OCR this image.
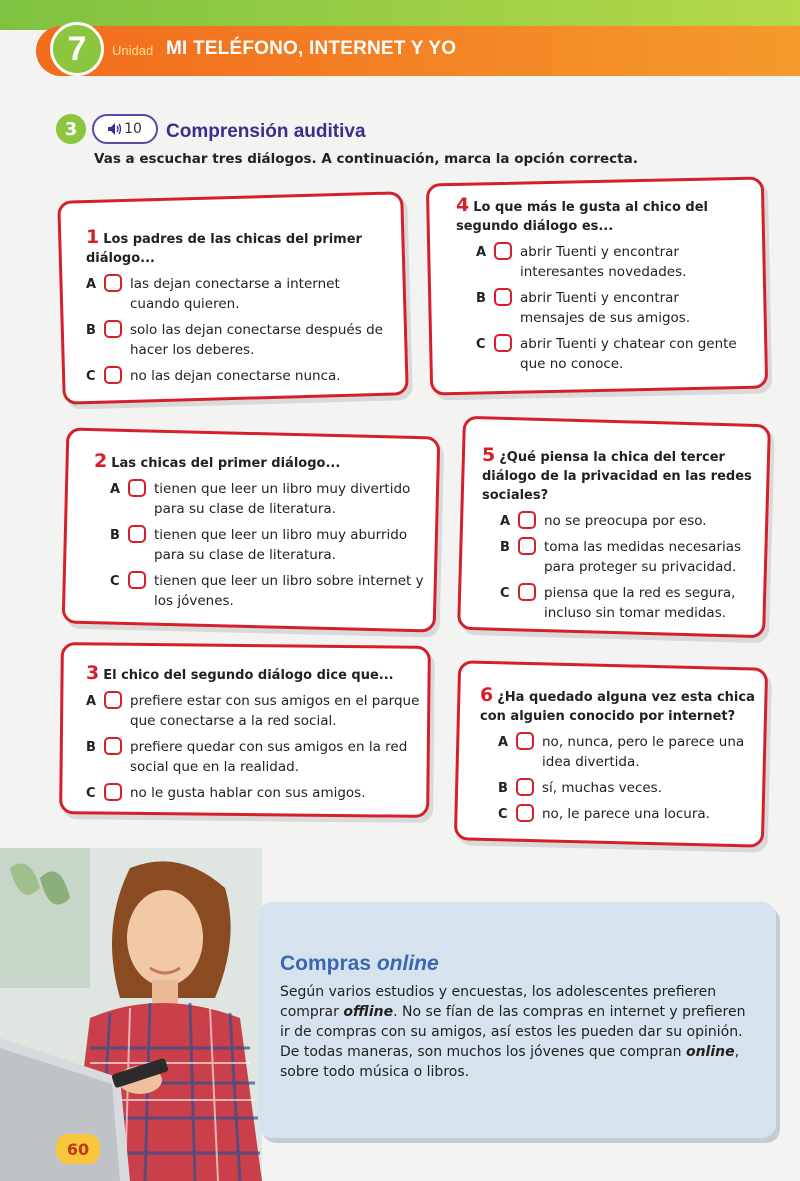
7	Unidad MI TELÉFONO, INTERNET Y YO
3	10 Comprensión auditiva
Vas a escuchar tres diálogos. A continuación, marca la opción correcta.
1 Los padres de las chicas del primer diálogo...
A	las dejan conectarse a internet cuando quieren.
B	solo las dejan conectarse después de hacer los deberes.
C	no las dejan conectarse nunca.
2 Las chicas del primer diálogo...
A	tienen que leer un libro muy divertido para su clase de literatura.
B	tienen que leer un libro muy aburrido para su clase de literatura.
C	tienen que leer un libro sobre internet y los jóvenes.
3 El chico del segundo diálogo dice que...
A	prefiere estar con sus amigos en el parque que conectarse a la red social.
B	prefiere quedar con sus amigos en la red social que en la realidad.
C	no le gusta hablar con sus amigos.
4 Lo que más le gusta al chico del segundo diálogo es...
A	abrir Tuenti y encontrar interesantes novedades.
B	abrir Tuenti y encontrar mensajes de sus amigos.
C	abrir Tuenti y chatear con gente que no conoce.
5 ¿Qué piensa la chica del tercer diálogo de la privacidad en las redes sociales?
A	no se preocupa por eso.
B	toma las medidas necesarias para proteger su privacidad.
C	piensa que la red es segura, incluso sin tomar medidas.
6 ¿Ha quedado alguna vez esta chica con alguien conocido por internet?
A	no, nunca, pero le parece una idea divertida.
B	sí, muchas veces.
C	no, le parece una locura.
Compras online

Según varios estudios y encuestas, los adolescentes prefieren comprar offline. No se fían de las compras en internet y prefieren ir de compras con su amigos, así estos les pueden dar su opinión.

De todas maneras, son muchos los jóvenes que compran online, sobre todo música o libros.

60
